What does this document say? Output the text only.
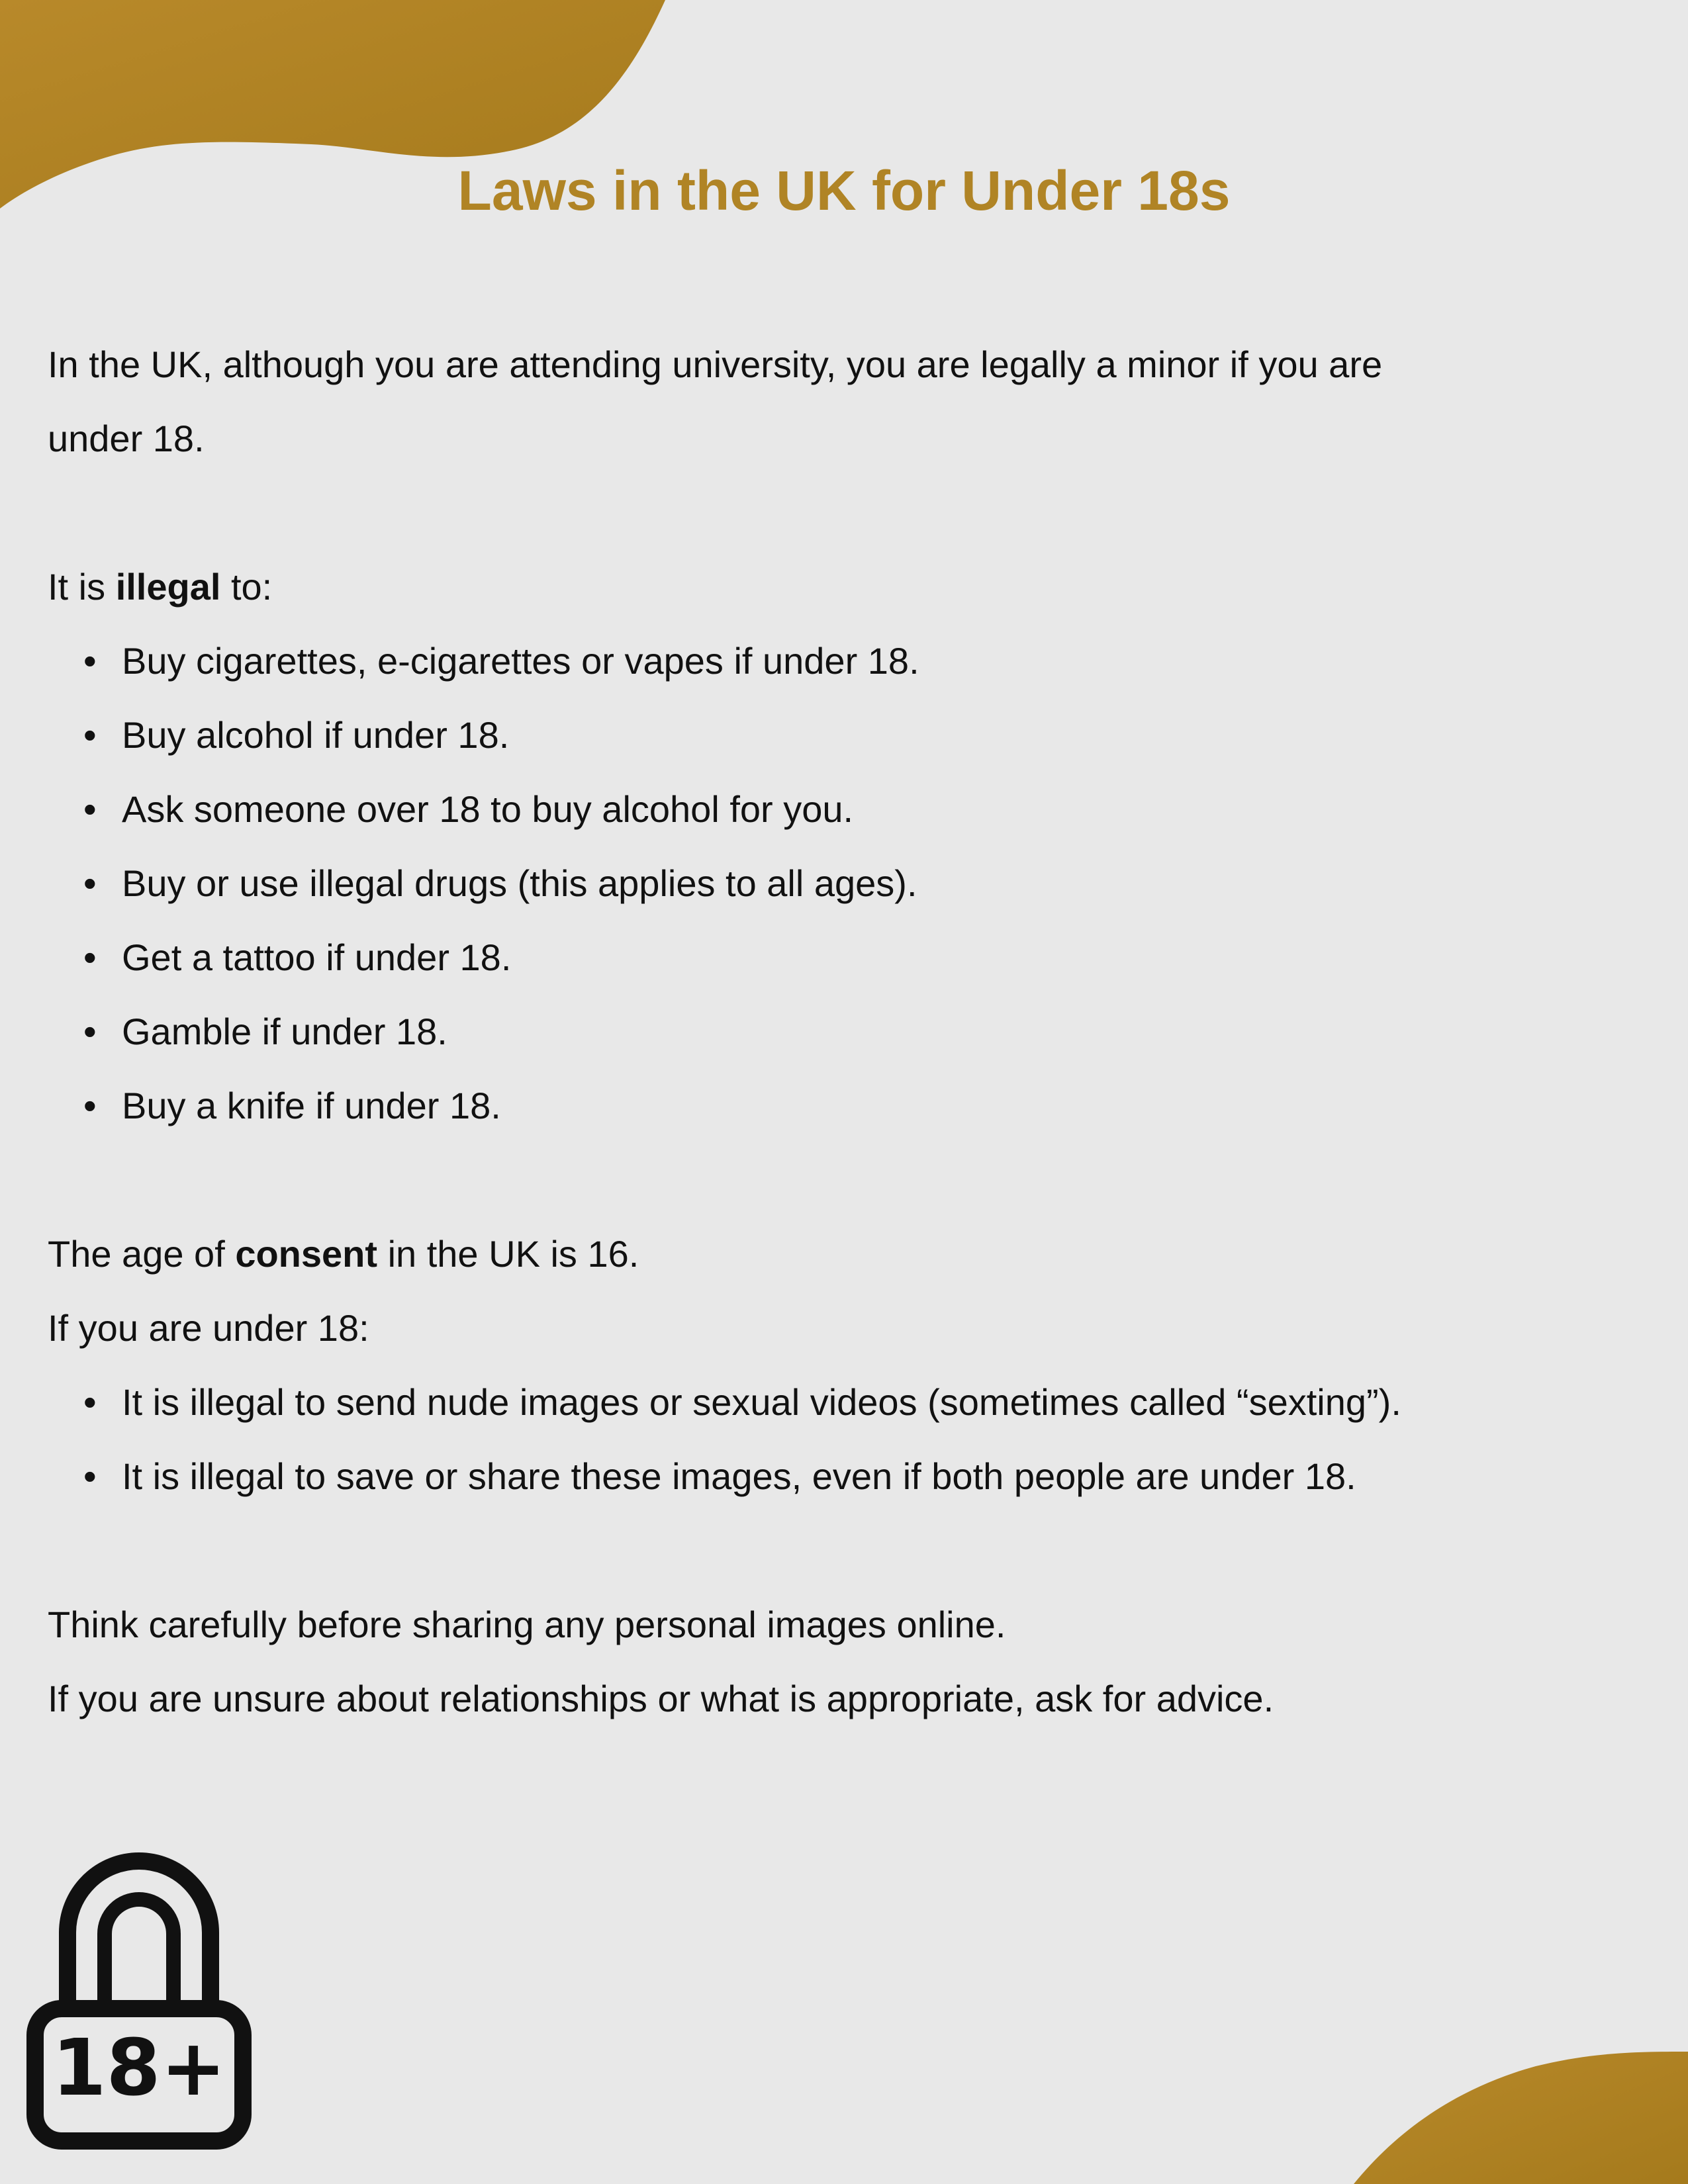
Laws in the UK for Under 18s

In the UK, although you are attending university, you are legally a minor if you are

under 18.

It is illegal to:

• Buy cigarettes, e-cigarettes or vapes if under 18.
• Buy alcohol if under 18.
• Ask someone over 18 to buy alcohol for you.
• Buy or use illegal drugs (this applies to all ages).
• Get a tattoo if under 18.
• Gamble if under 18.
• Buy a knife if under 18.

The age of consent in the UK is 16.

If you are under 18:

• It is illegal to send nude images or sexual videos (sometimes called “sexting”).
• It is illegal to save or share these images, even if both people are under 18.

Think carefully before sharing any personal images online.

If you are unsure about relationships or what is appropriate, ask for advice.

18+
